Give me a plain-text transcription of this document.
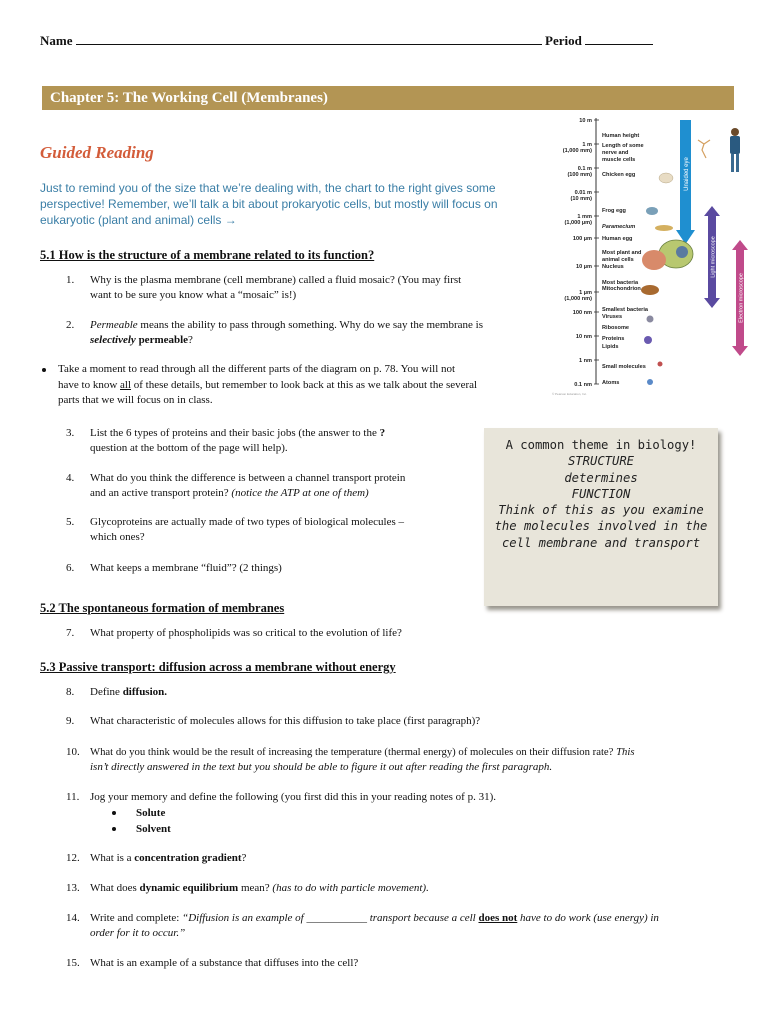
Name	Period
Chapter 5: The Working Cell (Membranes)
Guided Reading
Just to remind you of the size that we’re dealing with, the chart to the right gives some perspective! Remember, we’ll talk a bit about prokaryotic cells, but mostly will focus on eukaryotic (plant and animal) cells →
10 m
1 m
(1,000 mm)
0.1 m
(100 mm)
0.01 m
(10 mm)
1 mm
(1,000 µm)
100 µm
10 µm
1 µm
(1,000 nm)
100 nm
10 nm
1 nm
0.1 nm
Human height
Length of some
nerve and
muscle cells
Chicken egg
Frog egg
Paramecium
Human egg
Most plant and
animal cells
Nucleus
Most bacteria
Mitochondrion
Smallest bacteria
Viruses
Ribosome
Proteins
Lipids
Small molecules
Atoms
Unaided eye
Light microscope
Electron microscope
© Pearson Education, Inc.
5.1 How is the structure of a membrane related to its function?
1. Why is the plasma membrane (cell membrane) called a fluid mosaic? (You may first
want to be sure you know what a “mosaic” is!)
2. Permeable means the ability to pass through something. Why do we say the membrane is
selectively permeable?
Take a moment to read through all the different parts of the diagram on p. 78. You will not
have to know all of these details, but remember to look back at this as we talk about the several
parts that we will focus on in class.
3. List the 6 types of proteins and their basic jobs (the answer to the ?
question at the bottom of the page will help).
4. What do you think the difference is between a channel transport protein
and an active transport protein? (notice the ATP at one of them)
5. Glycoproteins are actually made of two types of biological molecules –
which ones?
6. What keeps a membrane “fluid”? (2 things)
A common theme in biology!
STRUCTURE
determines
FUNCTION
Think of this as you examine
the molecules involved in the
cell membrane and transport
5.2 The spontaneous formation of membranes
7. What property of phospholipids was so critical to the evolution of life?
5.3 Passive transport: diffusion across a membrane without energy
8. Define diffusion.
9. What characteristic of molecules allows for this diffusion to take place (first paragraph)?
10. What do you think would be the result of increasing the temperature (thermal energy) of molecules on their diffusion rate? This
isn’t directly answered in the text but you should be able to figure it out after reading the first paragraph.
11. Jog your memory and define the following (you first did this in your reading notes of p. 31).
Solute
Solvent
12. What is a concentration gradient?
13. What does dynamic equilibrium mean? (has to do with particle movement).
14. Write and complete: “Diffusion is an example of ___________ transport because a cell does not have to do work (use energy) in
order for it to occur.”
15. What is an example of a substance that diffuses into the cell?
